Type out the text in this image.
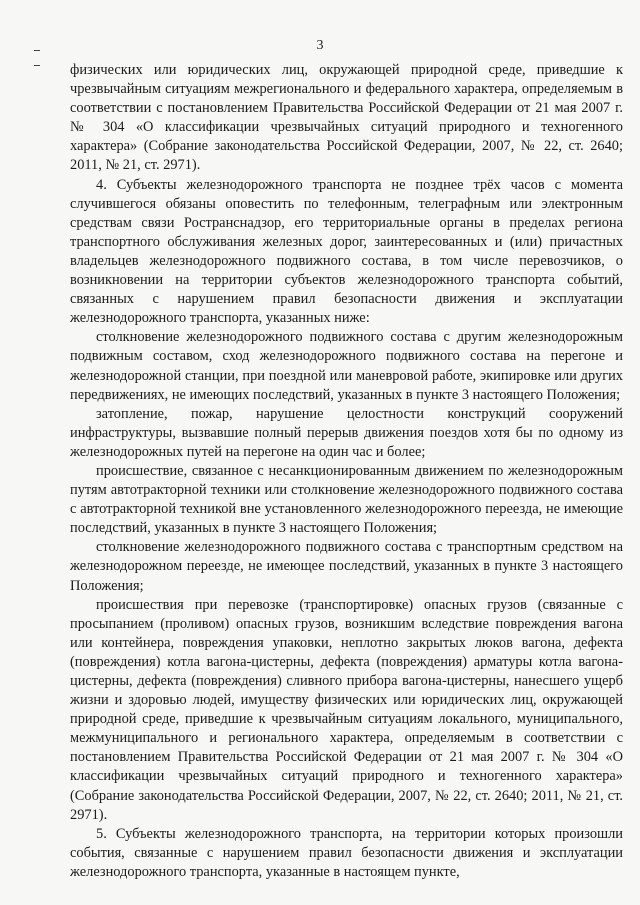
3

физических или юридических лиц, окружающей природной среде, приведшие к чрезвычайным ситуациям межрегионального и федерального характера, определяемым в соответствии с постановлением Правительства Российской Федерации от 21 мая 2007 г. № 304 «О классификации чрезвычайных ситуаций природного и техногенного характера» (Собрание законодательства Российской Федерации, 2007, № 22, ст. 2640; 2011, № 21, ст. 2971).

4. Субъекты железнодорожного транспорта не позднее трёх часов с момента случившегося обязаны оповестить по телефонным, телеграфным или электронным средствам связи Ространснадзор, его территориальные органы в пределах региона транспортного обслуживания железных дорог, заинтересованных и (или) причастных владельцев железнодорожного подвижного состава, в том числе перевозчиков, о возникновении на территории субъектов железнодорожного транспорта событий, связанных с нарушением правил безопасности движения и эксплуатации железнодорожного транспорта, указанных ниже:

столкновение железнодорожного подвижного состава с другим железнодорожным подвижным составом, сход железнодорожного подвижного состава на перегоне и железнодорожной станции, при поездной или маневровой работе, экипировке или других передвижениях, не имеющих последствий, указанных в пункте 3 настоящего Положения;

затопление, пожар, нарушение целостности конструкций сооружений инфраструктуры, вызвавшие полный перерыв движения поездов хотя бы по одному из железнодорожных путей на перегоне на один час и более;

происшествие, связанное с несанкционированным движением по железнодорожным путям автотракторной техники или столкновение железнодорожного подвижного состава с автотракторной техникой вне установленного железнодорожного переезда, не имеющие последствий, указанных в пункте 3 настоящего Положения;

столкновение железнодорожного подвижного состава с транспортным средством на железнодорожном переезде, не имеющее последствий, указанных в пункте 3 настоящего Положения;

происшествия при перевозке (транспортировке) опасных грузов (связанные с просыпанием (проливом) опасных грузов, возникшим вследствие повреждения вагона или контейнера, повреждения упаковки, неплотно закрытых люков вагона, дефекта (повреждения) котла вагона-цистерны, дефекта (повреждения) арматуры котла вагона-цистерны, дефекта (повреждения) сливного прибора вагона-цистерны, нанесшего ущерб жизни и здоровью людей, имуществу физических или юридических лиц, окружающей природной среде, приведшие к чрезвычайным ситуациям локального, муниципального, межмуниципального и регионального характера, определяемым в соответствии с постановлением Правительства Российской Федерации от 21 мая 2007 г. № 304 «О классификации чрезвычайных ситуаций природного и техногенного характера» (Собрание законодательства Российской Федерации, 2007, № 22, ст. 2640; 2011, № 21, ст. 2971).

5. Субъекты железнодорожного транспорта, на территории которых произошли события, связанные с нарушением правил безопасности движения и эксплуатации железнодорожного транспорта, указанные в настоящем пункте,
